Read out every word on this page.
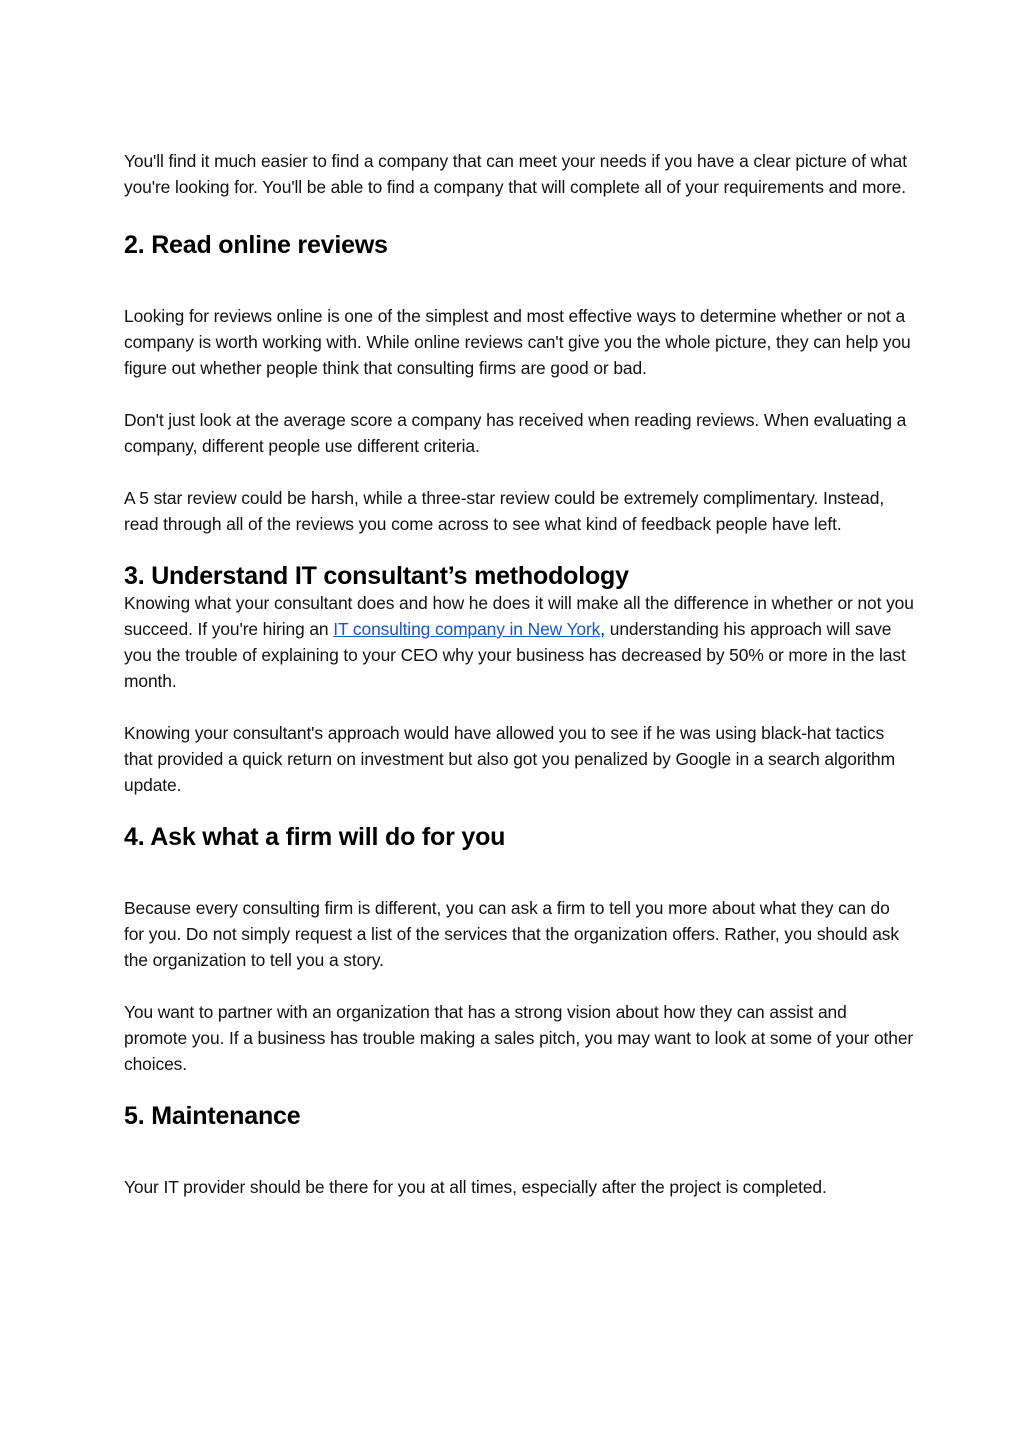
You'll find it much easier to find a company that can meet your needs if you have a clear picture of what you're looking for. You'll be able to find a company that will complete all of your requirements and more.

2. Read online reviews

Looking for reviews online is one of the simplest and most effective ways to determine whether or not a company is worth working with. While online reviews can't give you the whole picture, they can help you figure out whether people think that consulting firms are good or bad.

Don't just look at the average score a company has received when reading reviews. When evaluating a company, different people use different criteria.

A 5 star review could be harsh, while a three-star review could be extremely complimentary. Instead, read through all of the reviews you come across to see what kind of feedback people have left.

3. Understand IT consultant’s methodology

Knowing what your consultant does and how he does it will make all the difference in whether or not you succeed. If you're hiring an IT consulting company in New York, understanding his approach will save you the trouble of explaining to your CEO why your business has decreased by 50% or more in the last month.

Knowing your consultant's approach would have allowed you to see if he was using black-hat tactics that provided a quick return on investment but also got you penalized by Google in a search algorithm update.

4. Ask what a firm will do for you

Because every consulting firm is different, you can ask a firm to tell you more about what they can do for you. Do not simply request a list of the services that the organization offers. Rather, you should ask the organization to tell you a story.

You want to partner with an organization that has a strong vision about how they can assist and promote you. If a business has trouble making a sales pitch, you may want to look at some of your other choices.

5. Maintenance

Your IT provider should be there for you at all times, especially after the project is completed.
